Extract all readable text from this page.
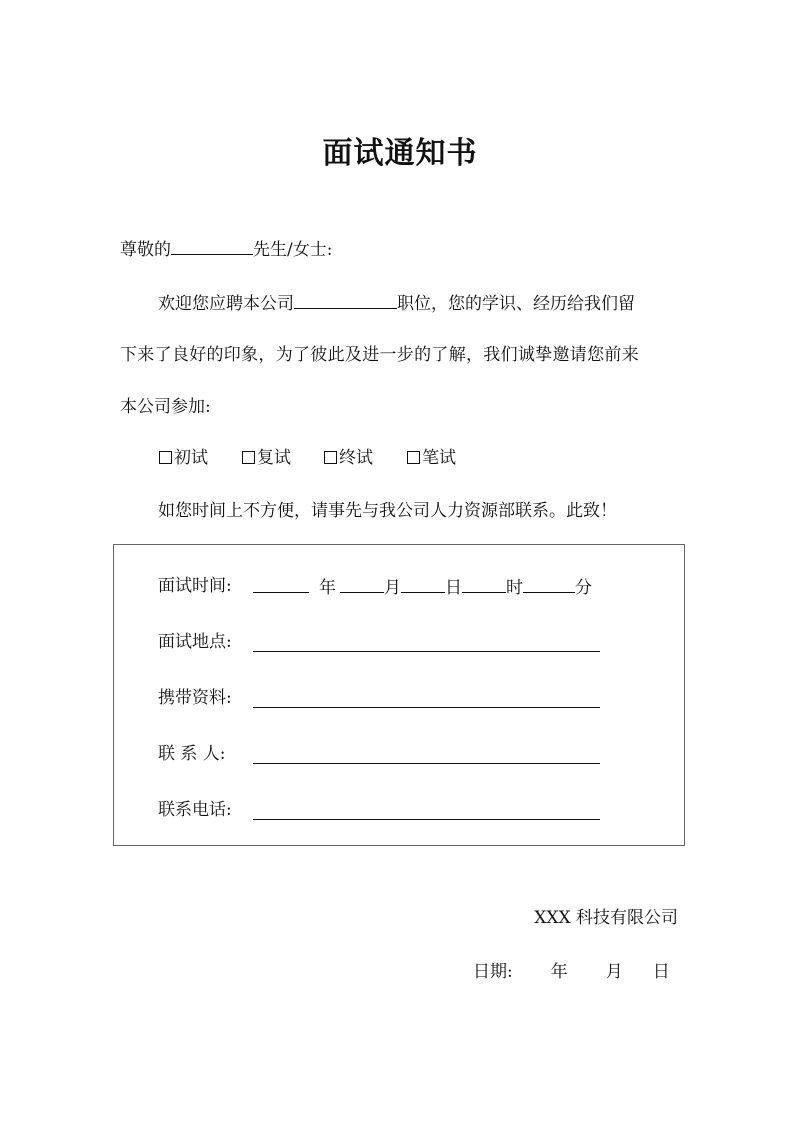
面试通知书
尊敬的	先生/女士:
欢迎您应聘本公司	职位，您的学识、经历给我们留
下来了良好的印象，为了彼此及进一步的了解，我们诚挚邀请您前来
本公司参加:
初试	复试	终试	笔试
如您时间上不方便，请事先与我公司人力资源部联系。此致！
面试时间:	年	月	日	时	分
面试地点:
携带资料:
联 系 人:
联系电话:
XXX 科技有限公司
日期: 年 月 日
